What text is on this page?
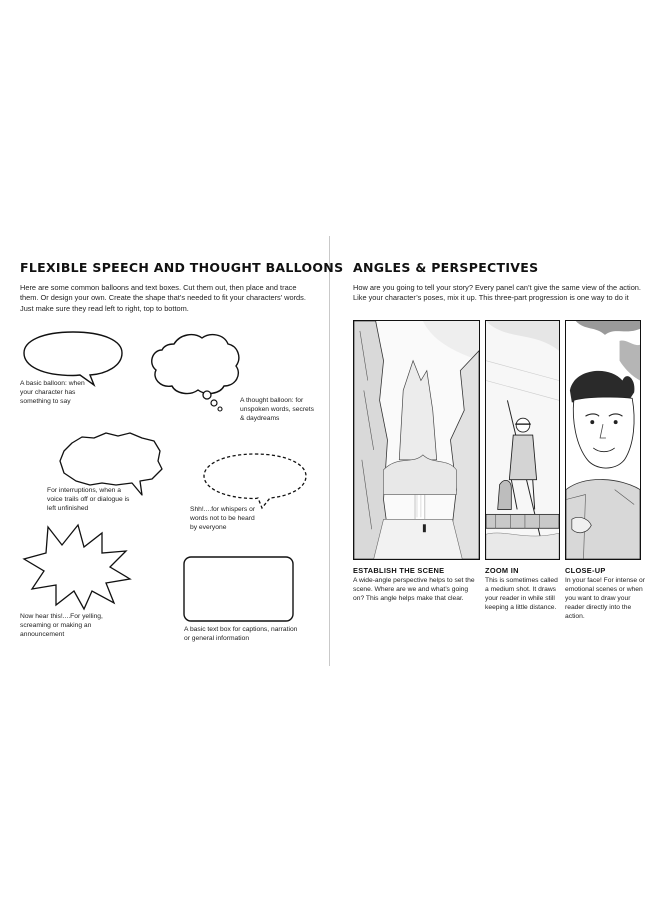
FLEXIBLE SPEECH AND THOUGHT BALLOONS

Here are some common balloons and text boxes. Cut them out, then place and trace them. Or design your own. Create the shape that’s needed to fit your characters’ words. Just make sure they read left to right, top to bottom.

A basic balloon: when your character has something to say	A thought balloon: for unspoken words, secrets & daydreams

For interruptions, when a voice trails off or dialogue is left unfinished	Shh!....for whispers or words not to be heard by everyone

Now hear this!....For yelling, screaming or making an announcement

A basic text box for captions, narration or general information

ANGLES & PERSPECTIVES

How are you going to tell your story? Every panel can’t give the same view of the action. Like your character’s poses, mix it up. This three-part progression is one way to do it

ESTABLISH THE SCENE

A wide-angle perspective helps to set the scene. Where are we and what’s going on? This angle helps make that clear.

ZOOM IN

This is sometimes called a medium shot. It draws your reader in while still keeping a little distance.

CLOSE-UP

In your face! For intense or emotional scenes or when you want to draw your reader directly into the action.
